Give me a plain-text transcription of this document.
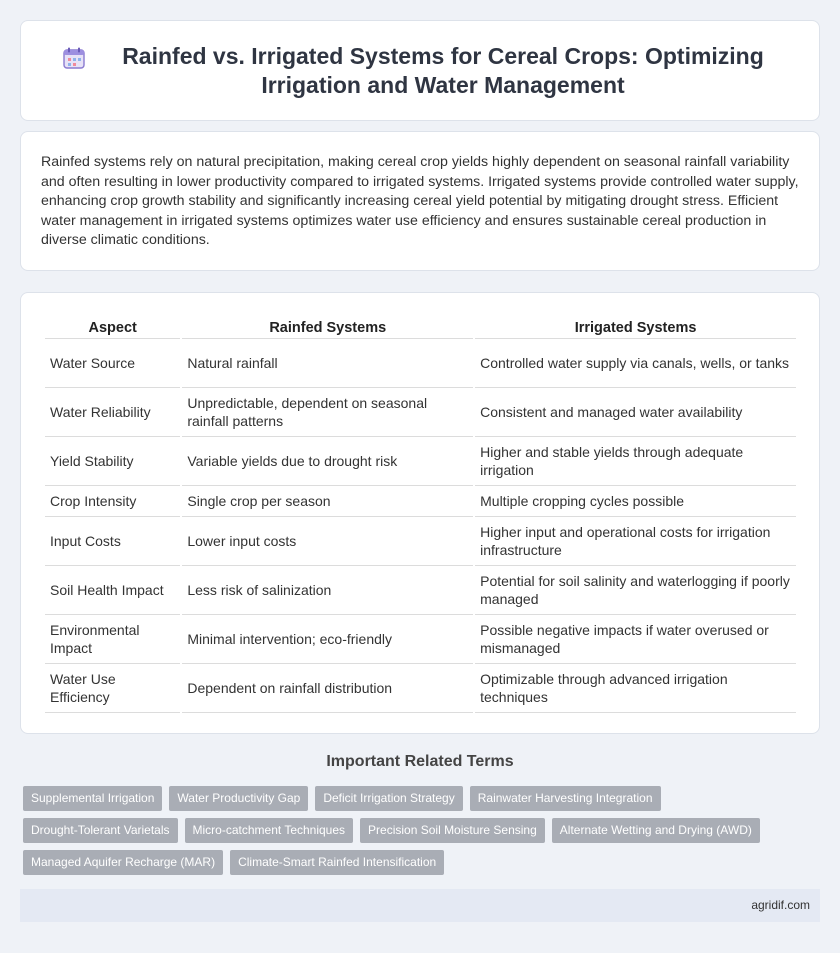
Rainfed vs. Irrigated Systems for Cereal Crops: Optimizing Irrigation and Water Management

Rainfed systems rely on natural precipitation, making cereal crop yields highly dependent on seasonal rainfall variability and often resulting in lower productivity compared to irrigated systems. Irrigated systems provide controlled water supply, enhancing crop growth stability and significantly increasing cereal yield potential by mitigating drought stress. Efficient water management in irrigated systems optimizes water use efficiency and ensures sustainable cereal production in diverse climatic conditions.

Aspect	Rainfed Systems	Irrigated Systems
Water Source	Natural rainfall	Controlled water supply via canals, wells, or tanks
Water Reliability	Unpredictable, dependent on seasonal rainfall patterns	Consistent and managed water availability
Yield Stability	Variable yields due to drought risk	Higher and stable yields through adequate irrigation
Crop Intensity	Single crop per season	Multiple cropping cycles possible
Input Costs	Lower input costs	Higher input and operational costs for irrigation infrastructure
Soil Health Impact	Less risk of salinization	Potential for soil salinity and waterlogging if poorly managed
Environmental Impact	Minimal intervention; eco-friendly	Possible negative impacts if water overused or mismanaged
Water Use Efficiency	Dependent on rainfall distribution	Optimizable through advanced irrigation techniques
Important Related Terms
Supplemental Irrigation	Water Productivity Gap	Deficit Irrigation Strategy	Rainwater Harvesting Integration
Drought-Tolerant Varietals	Micro-catchment Techniques	Precision Soil Moisture Sensing	Alternate Wetting and Drying (AWD)
Managed Aquifer Recharge (MAR)	Climate-Smart Rainfed Intensification
agridif.com
